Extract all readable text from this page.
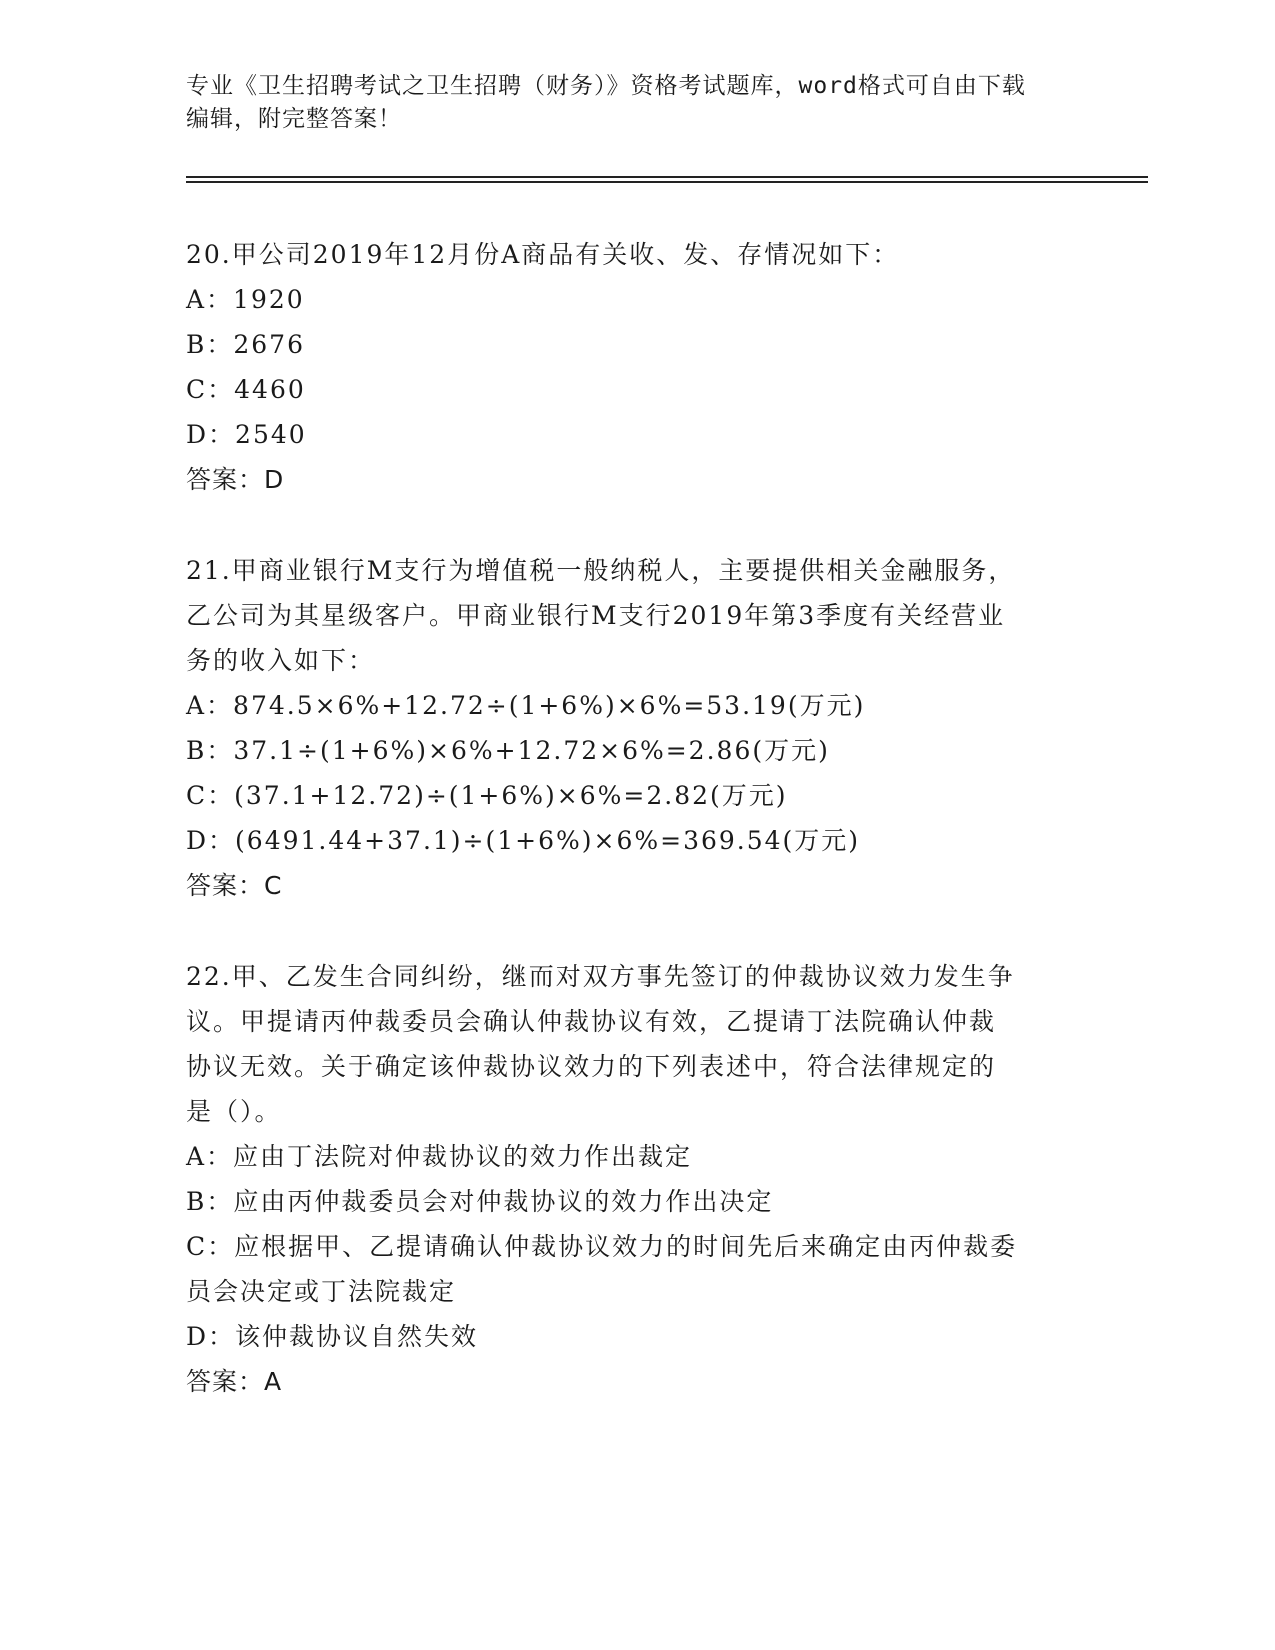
专业《卫生招聘考试之卫生招聘（财务）》资格考试题库，word格式可自由下载
编辑，附完整答案！
20.甲公司2019年12月份A商品有关收、发、存情况如下：
A：1920
B：2676
C：4460
D：2540
答案：D
21.甲商业银行M支行为增值税一般纳税人，主要提供相关金融服务，
乙公司为其星级客户。甲商业银行M支行2019年第3季度有关经营业
务的收入如下：
A：874.5×6%+12.72÷(1+6%)×6%=53.19(万元)
B：37.1÷(1+6%)×6%+12.72×6%=2.86(万元)
C：(37.1+12.72)÷(1+6%)×6%=2.82(万元)
D：(6491.44+37.1)÷(1+6%)×6%=369.54(万元)
答案：C
22.甲、乙发生合同纠纷，继而对双方事先签订的仲裁协议效力发生争
议。甲提请丙仲裁委员会确认仲裁协议有效，乙提请丁法院确认仲裁
协议无效。关于确定该仲裁协议效力的下列表述中，符合法律规定的
是（）。
A：应由丁法院对仲裁协议的效力作出裁定
B：应由丙仲裁委员会对仲裁协议的效力作出决定
C：应根据甲、乙提请确认仲裁协议效力的时间先后来确定由丙仲裁委
员会决定或丁法院裁定
D：该仲裁协议自然失效
答案：A
